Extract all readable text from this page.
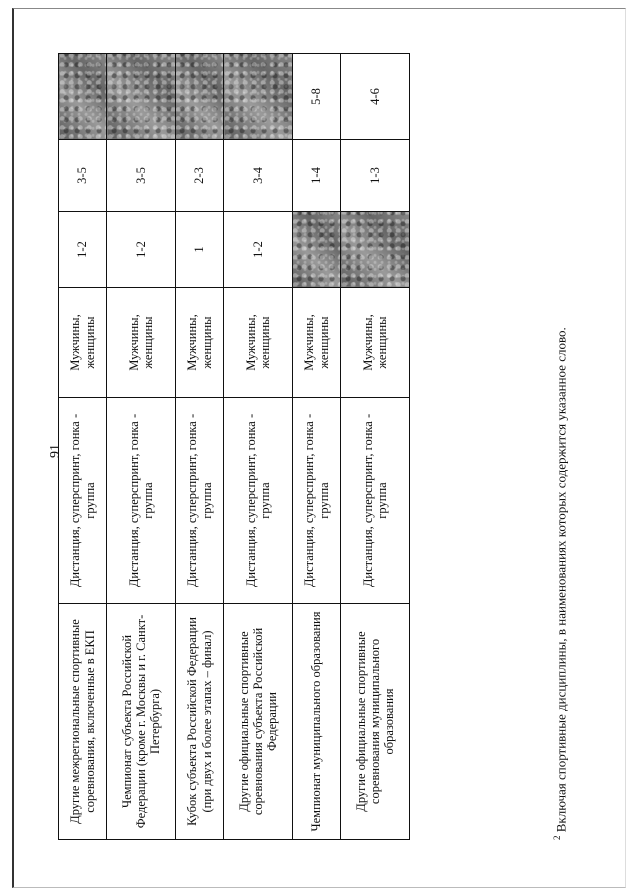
91
Другие межрегиональные спортивные соревнования, включенные в ЕКП	Дистанция, суперспринт, гонка - группа	Мужчины, женщины	1-2	3-5	
Чемпионат субъекта Российской Федерации (кроме г. Москвы и г. Санкт-Петербурга)	Дистанция, суперспринт, гонка - группа	Мужчины, женщины	1-2	3-5	
Кубок субъекта Российской Федерации (при двух и более этапах – финал)	Дистанция, суперспринт, гонка - группа	Мужчины, женщины	1	2-3	
Другие официальные спортивные соревнования субъекта Российской Федерации	Дистанция, суперспринт, гонка - группа	Мужчины, женщины	1-2	3-4	
Чемпионат муниципального образования	Дистанция, суперспринт, гонка - группа	Мужчины, женщины		1-4	5-8
Другие официальные спортивные соревнования муниципального образования	Дистанция, суперспринт, гонка - группа	Мужчины, женщины		1-3	4-6
$^2$ Включая спортивные дисциплины, в наименованиях которых содержится указанное слово.
